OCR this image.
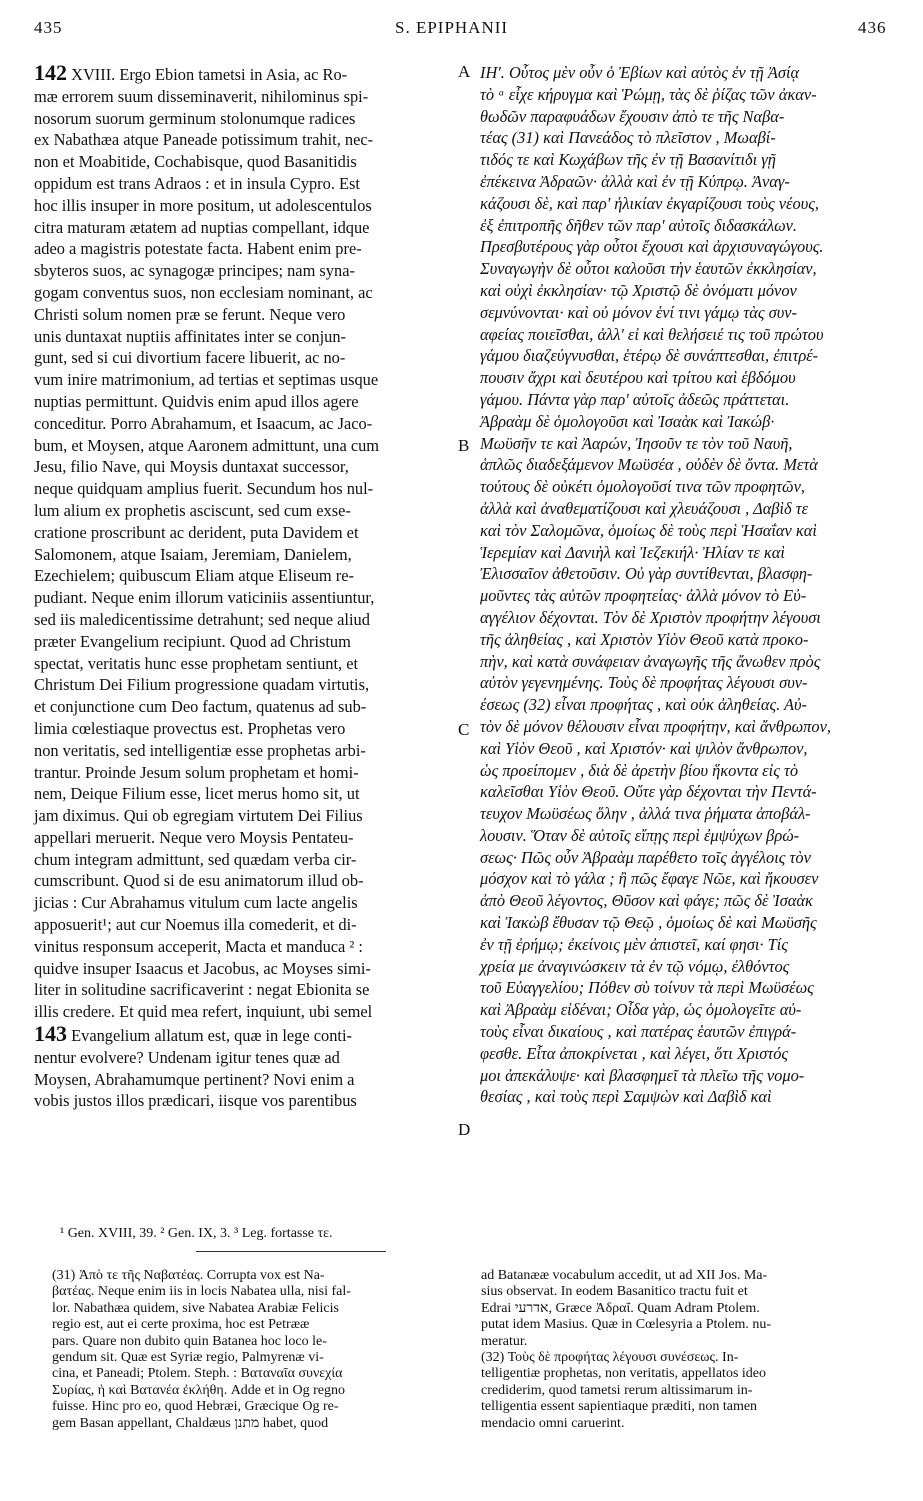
435	S. EPIPHANII	436

142 XVIII. Ergo Ebion tametsi in Asia, ac Ro-
mæ errorem suum disseminaverit, nihilominus spi-
nosorum suorum germinum stolonumque radices
ex Nabathæa atque Paneade potissimum trahit, nec-
non et Moabitide, Cochabisque, quod Basanitidis
oppidum est trans Adraos : et in insula Cypro. Est
hoc illis insuper in more positum, ut adolescentulos
citra maturam ætatem ad nuptias compellant, idque
adeo a magistris potestate facta. Habent enim pre-
sbyteros suos, ac synagogæ principes; nam syna-
gogam conventus suos, non ecclesiam nominant, ac
Christi solum nomen præ se ferunt. Neque vero
unis duntaxat nuptiis affinitates inter se conjun-
gunt, sed si cui divortium facere libuerit, ac no-
vum inire matrimonium, ad tertias et septimas usque
nuptias permittunt. Quidvis enim apud illos agere
conceditur. Porro Abrahamum, et Isaacum, ac Jaco-
bum, et Moysen, atque Aaronem admittunt, una cum
Jesu, filio Nave, qui Moysis duntaxat successor,
neque quidquam amplius fuerit. Secundum hos nul-
lum alium ex prophetis asciscunt, sed cum exse-
cratione proscribunt ac derident, puta Davidem et
Salomonem, atque Isaiam, Jeremiam, Danielem,
Ezechielem; quibuscum Eliam atque Eliseum re-
pudiant. Neque enim illorum vaticiniis assentiuntur,
sed iis maledicentissime detrahunt; sed neque aliud
præter Evangelium recipiunt. Quod ad Christum
spectat, veritatis hunc esse prophetam sentiunt, et
Christum Dei Filium progressione quadam virtutis,
et conjunctione cum Deo factum, quatenus ad sub-
limia cœlestiaque provectus est. Prophetas vero
non veritatis, sed intelligentiæ esse prophetas arbi-
trantur. Proinde Jesum solum prophetam et homi-
nem, Deique Filium esse, licet merus homo sit, ut
jam diximus. Qui ob egregiam virtutem Dei Filius
appellari meruerit. Neque vero Moysis Pentateu-
chum integram admittunt, sed quædam verba cir-
cumscribunt. Quod si de esu animatorum illud ob-
jicias : Cur Abrahamus vitulum cum lacte angelis
apposuerit¹; aut cur Noemus illa comederit, et di-
vinitus responsum acceperit, Macta et manduca ² :
quidve insuper Isaacus et Jacobus, ac Moyses simi-
liter in solitudine sacrificaverint : negat Ebionita se
illis credere. Et quid mea refert, inquiunt, ubi semel

143 Evangelium allatum est, quæ in lege conti-
nentur evolvere? Undenam igitur tenes quæ ad
Moysen, Abrahamumque pertinent? Novi enim a
vobis justos illos prædicari, iisque vos parentibus

A
B
C
D

ΙΗ'. Οὗτος μὲν οὖν ὁ Ἐβίων καὶ αὐτὸς ἐν τῇ Ἀσίᾳ
τὸ ᵃ εἶχε κήρυγμα καὶ Ῥώμῃ, τὰς δὲ ῥίζας τῶν ἀκαν-
θωδῶν παραφυάδων ἔχουσιν ἀπὸ τε τῆς Ναβα-
τέας (31) καὶ Πανεάδος τὸ πλεῖστον , Μωαβί-
τιδός τε καὶ Κωχάβων τῆς ἐν τῇ Βασανίτιδι γῇ
ἐπέκεινα Ἀδραῶν· ἀλλὰ καὶ ἐν τῇ Κύπρῳ. Ἀναγ-
κάζουσι δὲ, καὶ παρ' ἡλικίαν ἐκγαρίζουσι τοὺς νέους,
ἐξ ἐπιτροπῆς δῆθεν τῶν παρ' αὐτοῖς διδασκάλων.
Πρεσβυτέρους γὰρ οὗτοι ἔχουσι καὶ ἀρχισυναγώγους.
Συναγωγὴν δὲ οὗτοι καλοῦσι τὴν ἑαυτῶν ἐκκλησίαν,
καὶ οὐχὶ ἐκκλησίαν· τῷ Χριστῷ δὲ ὀνόματι μόνον
σεμνύνονται· καὶ οὐ μόνον ἑνί τινι γάμῳ τὰς συν-
αφείας ποιεῖσθαι, ἀλλ' εἰ καὶ θελήσειέ τις τοῦ πρώτου
γάμου διαζεύγνυσθαι, ἑτέρῳ δὲ συνάπτεσθαι, ἐπιτρέ-
πουσιν ἄχρι καὶ δευτέρου καὶ τρίτου καὶ ἑβδόμου
γάμου. Πάντα γὰρ παρ' αὐτοῖς ἀδεῶς πράττεται.
Ἀβραὰμ δὲ ὁμολογοῦσι καὶ Ἰσαὰκ καὶ Ἰακώβ·
Μωϋσῆν τε καὶ Ἀαρών, Ἰησοῦν τε τὸν τοῦ Ναυῆ,
ἁπλῶς διαδεξάμενον Μωϋσέα , οὐδὲν δὲ ὄντα. Μετὰ
τούτους δὲ οὐκέτι ὁμολογοῦσί τινα τῶν προφητῶν,
ἀλλὰ καὶ ἀναθεματίζουσι καὶ χλευάζουσι , Δαβὶδ τε
καὶ τὸν Σαλομῶνα, ὁμοίως δὲ τοὺς περὶ Ἡσαΐαν καὶ
Ἱερεμίαν καὶ Δανιὴλ καὶ Ἰεζεκιήλ· Ἠλίαν τε καὶ
Ἐλισσαῖον ἀθετοῦσιν. Οὐ γὰρ συντίθενται, βλασφη-
μοῦντες τὰς αὐτῶν προφητείας· ἀλλὰ μόνον τὸ Εὐ-
αγγέλιον δέχονται. Τὸν δὲ Χριστὸν προφήτην λέγουσι
τῆς ἀληθείας , καὶ Χριστὸν Υἱὸν Θεοῦ κατὰ προκο-
πὴν, καὶ κατὰ συνάφειαν ἀναγωγῆς τῆς ἄνωθεν πρὸς
αὐτὸν γεγενημένης. Τοὺς δὲ προφήτας λέγουσι συν-
έσεως (32) εἶναι προφήτας , καὶ οὐκ ἀληθείας. Αὐ-
τὸν δὲ μόνον θέλουσιν εἶναι προφήτην, καὶ ἄνθρωπον,
καὶ Υἱὸν Θεοῦ , καὶ Χριστόν· καὶ ψιλὸν ἄνθρωπον,
ὡς προείπομεν , διὰ δὲ ἀρετὴν βίου ἥκοντα εἰς τὸ
καλεῖσθαι Υἱὸν Θεοῦ. Οὔτε γὰρ δέχονται τὴν Πεντά-
τευχον Μωϋσέως ὅλην , ἀλλά τινα ῥήματα ἀποβάλ-
λουσιν. Ὅταν δὲ αὐτοῖς εἴπῃς περὶ ἐμψύχων βρώ-
σεως· Πῶς οὖν Ἀβραὰμ παρέθετο τοῖς ἀγγέλοις τὸν
μόσχον καὶ τὸ γάλα ; ἢ πῶς ἔφαγε Νῶε, καὶ ἤκουσεν
ἀπὸ Θεοῦ λέγοντος, Θῦσον καὶ φάγε; πῶς δὲ Ἰσαὰκ
καὶ Ἰακὼβ ἔθυσαν τῷ Θεῷ , ὁμοίως δὲ καὶ Μωϋσῆς
ἐν τῇ ἐρήμῳ; ἐκείνοις μὲν ἀπιστεῖ, καί φησι· Τίς
χρεία με ἀναγινώσκειν τὰ ἐν τῷ νόμῳ, ἐλθόντος
τοῦ Εὐαγγελίου; Πόθεν σὺ τοίνυν τὰ περὶ Μωϋσέως
καὶ Ἀβραὰμ εἰδέναι; Οἶδα γὰρ, ὡς ὁμολογεῖτε αὐ-
τοὺς εἶναι δικαίους , καὶ πατέρας ἑαυτῶν ἐπιγρά-
φεσθε. Εἶτα ἀποκρίνεται , καὶ λέγει, ὅτι Χριστός
μοι ἀπεκάλυψε· καὶ βλασφημεῖ τὰ πλεῖω τῆς νομο-
θεσίας , καὶ τοὺς περὶ Σαμψὼν καὶ Δαβὶδ καὶ

¹ Gen. XVIII, 39. ² Gen. IX, 3. ³ Leg. fortasse τε.

(31) Ἀπὸ τε τῆς Ναβατέας. Corrupta vox est Na-
βατέας. Neque enim iis in locis Nabatea ulla, nisi fal-
lor. Nabathæa quidem, sive Nabatea Arabiæ Felicis
regio est, aut ei certe proxima, hoc est Petrææ
pars. Quare non dubito quin Batanea hoc loco le-
gendum sit. Quæ est Syriæ regio, Palmyrenæ vi-
cina, et Paneadi; Ptolem. Steph. : Βαταναῖα συνεχία
Συρίας, ἡ καὶ Βατανέα ἐκλήθη. Adde et in Og regno
fuisse. Hinc pro eo, quod Hebræi, Græcique Og re-
gem Basan appellant, Chaldæus מתנן habet, quod

ad Batanææ vocabulum accedit, ut ad XII Jos. Ma-
sius observat. In eodem Basanitico tractu fuit et
Edrai אדרעי, Græce Ἀδραΐ. Quam Adram Ptolem.
putat idem Masius. Quæ in Cœlesyria a Ptolem. nu-
meratur.

(32) Τοὺς δὲ προφήτας λέγουσι συνέσεως. In-
telligentiæ prophetas, non veritatis, appellatos ideo
crediderim, quod tametsi rerum altissimarum in-
telligentia essent sapientiaque præditi, non tamen
mendacio omni caruerint.
